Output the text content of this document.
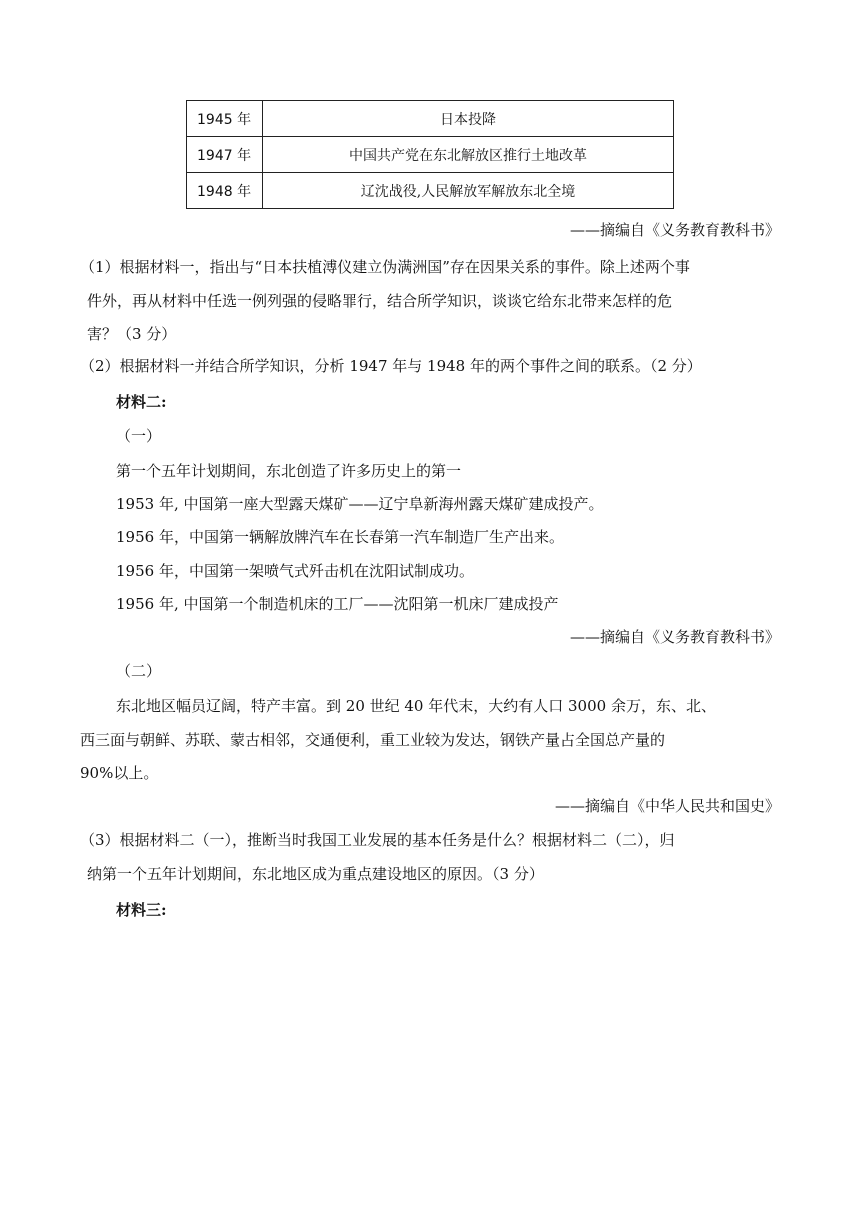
1945 年	日本投降
1947 年	中国共产党在东北解放区推行土地改革
1948 年	辽沈战役,人民解放军解放东北全境
——摘编自《义务教育教科书》
（1）根据材料一，指出与“日本扶植溥仪建立伪满洲国”存在因果关系的事件。除上述两个事
件外，再从材料中任选一例列强的侵略罪行，结合所学知识，谈谈它给东北带来怎样的危
害？（3 分）
（2）根据材料一并结合所学知识，分析 1947 年与 1948 年的两个事件之间的联系。（2 分）
材料二:
（一）
第一个五年计划期间，东北创造了许多历史上的第一
1953 年, 中国第一座大型露天煤矿——辽宁阜新海州露天煤矿建成投产。
1956 年，中国第一辆解放牌汽车在长春第一汽车制造厂生产出来。
1956 年，中国第一架喷气式歼击机在沈阳试制成功。
1956 年, 中国第一个制造机床的工厂——沈阳第一机床厂建成投产
——摘编自《义务教育教科书》
（二）
东北地区幅员辽阔，特产丰富。到 20 世纪 40 年代末，大约有人口 3000 余万，东、北、
西三面与朝鲜、苏联、蒙古相邻，交通便利，重工业较为发达，钢铁产量占全国总产量的
90%以上。
——摘编自《中华人民共和国史》
（3）根据材料二（一），推断当时我国工业发展的基本任务是什么？根据材料二（二），归
纳第一个五年计划期间，东北地区成为重点建设地区的原因。（3 分）
材料三:
